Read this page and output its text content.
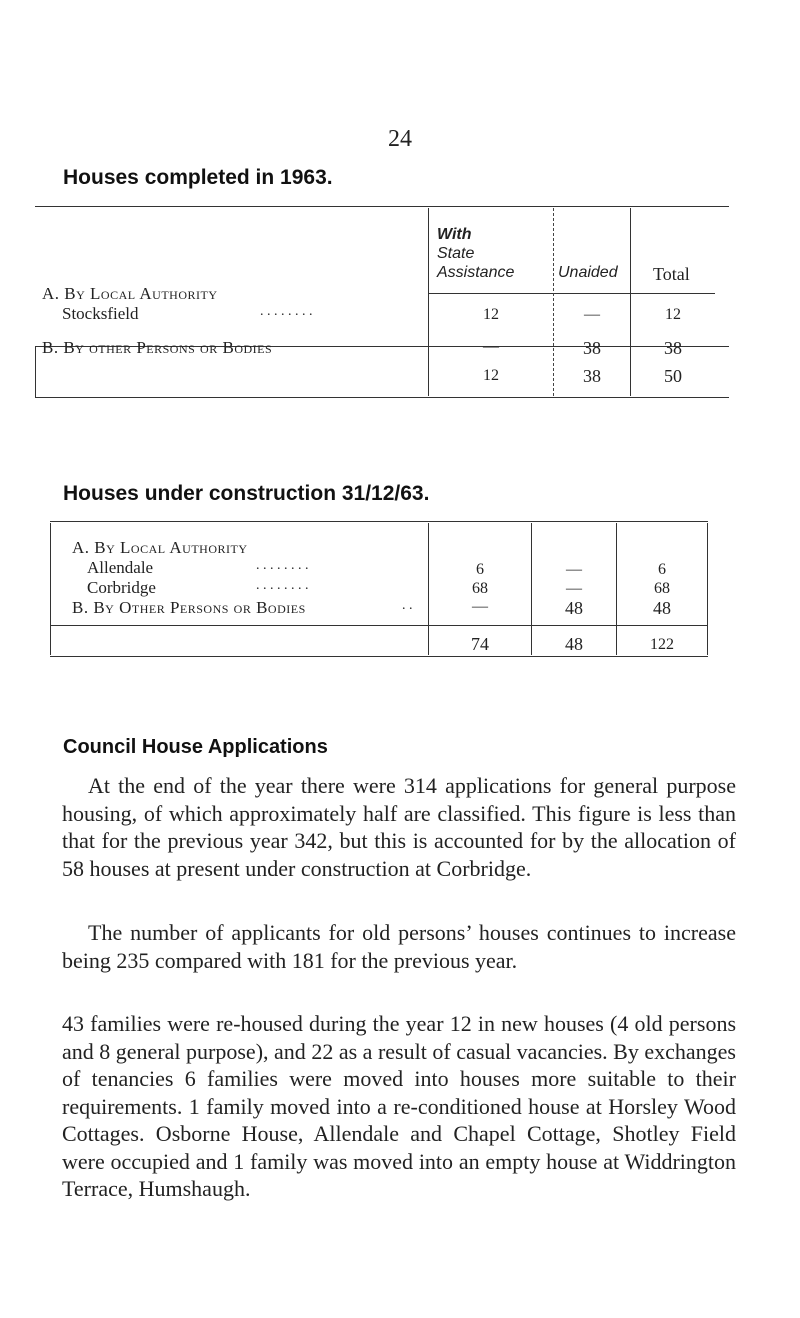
24
Houses completed in 1963.
With
State
Assistance	Unaided Total
A. By Local Authority
Stocksfield	. . . . . . . .	12	—	12
B. By other Persons or Bodies	—	38	38
12	38	50
Houses under construction 31/12/63.
A. By Local Authority
Allendale	. . . . . . . .	6	—	6
Corbridge	. . . . . . . .	68	—	68
B. By Other Persons or Bodies	. .	—	48	48
74	48	122
Council House Applications
At the end of the year there were 314 applications for general purpose housing, of which approximately half are classified. This figure is less than that for the previous year 342, but this is accounted for by the allocation of 58 houses at present under construction at Corbridge.
The number of applicants for old persons’ houses continues to increase being 235 compared with 181 for the previous year.
43 families were re-housed during the year 12 in new houses (4 old persons and 8 general purpose), and 22 as a result of casual vacancies. By exchanges of tenancies 6 families were moved into houses more suitable to their requirements. 1 family moved into a re-conditioned house at Horsley Wood Cottages. Osborne House, Allendale and Chapel Cottage, Shotley Field were occupied and 1 family was moved into an empty house at Widdrington Terrace, Humshaugh.
